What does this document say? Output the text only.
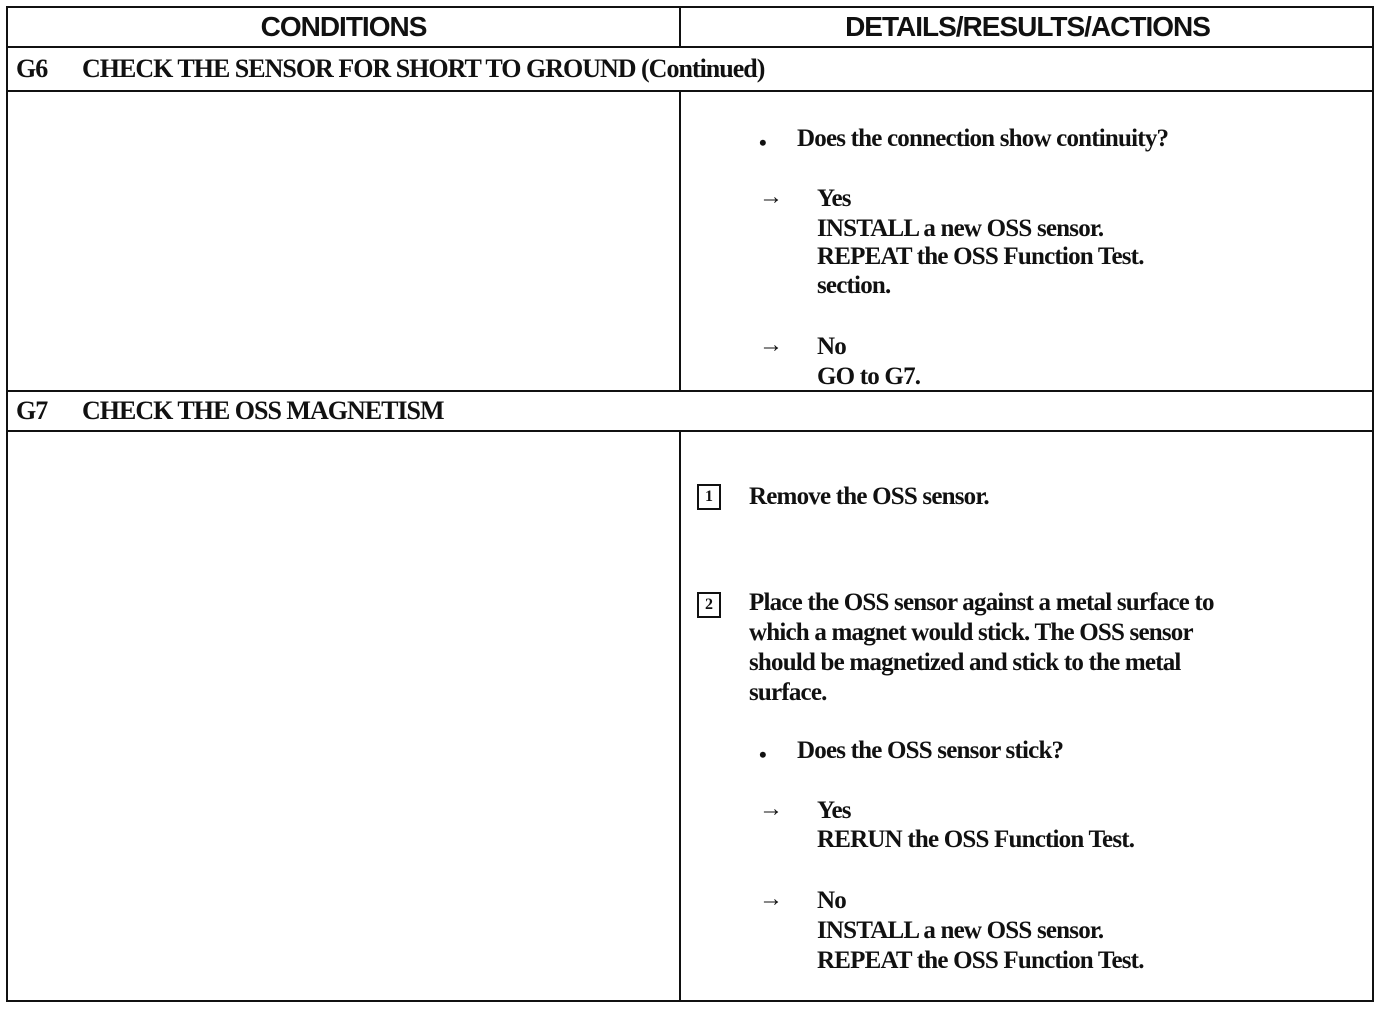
CONDITIONS	DETAILS/RESULTS/ACTIONS
G6	CHECK THE SENSOR FOR SHORT TO GROUND (Continued)
• Does the connection show continuity?
→ Yes
INSTALL a new OSS sensor.
REPEAT the OSS Function Test.
section.
→ No
GO to G7.
G7	CHECK THE OSS MAGNETISM
1	Remove the OSS sensor.
2	Place the OSS sensor against a metal surface to
which a magnet would stick. The OSS sensor
should be magnetized and stick to the metal
surface.
• Does the OSS sensor stick?
→ Yes
RERUN the OSS Function Test.
→ No
INSTALL a new OSS sensor.
REPEAT the OSS Function Test.
